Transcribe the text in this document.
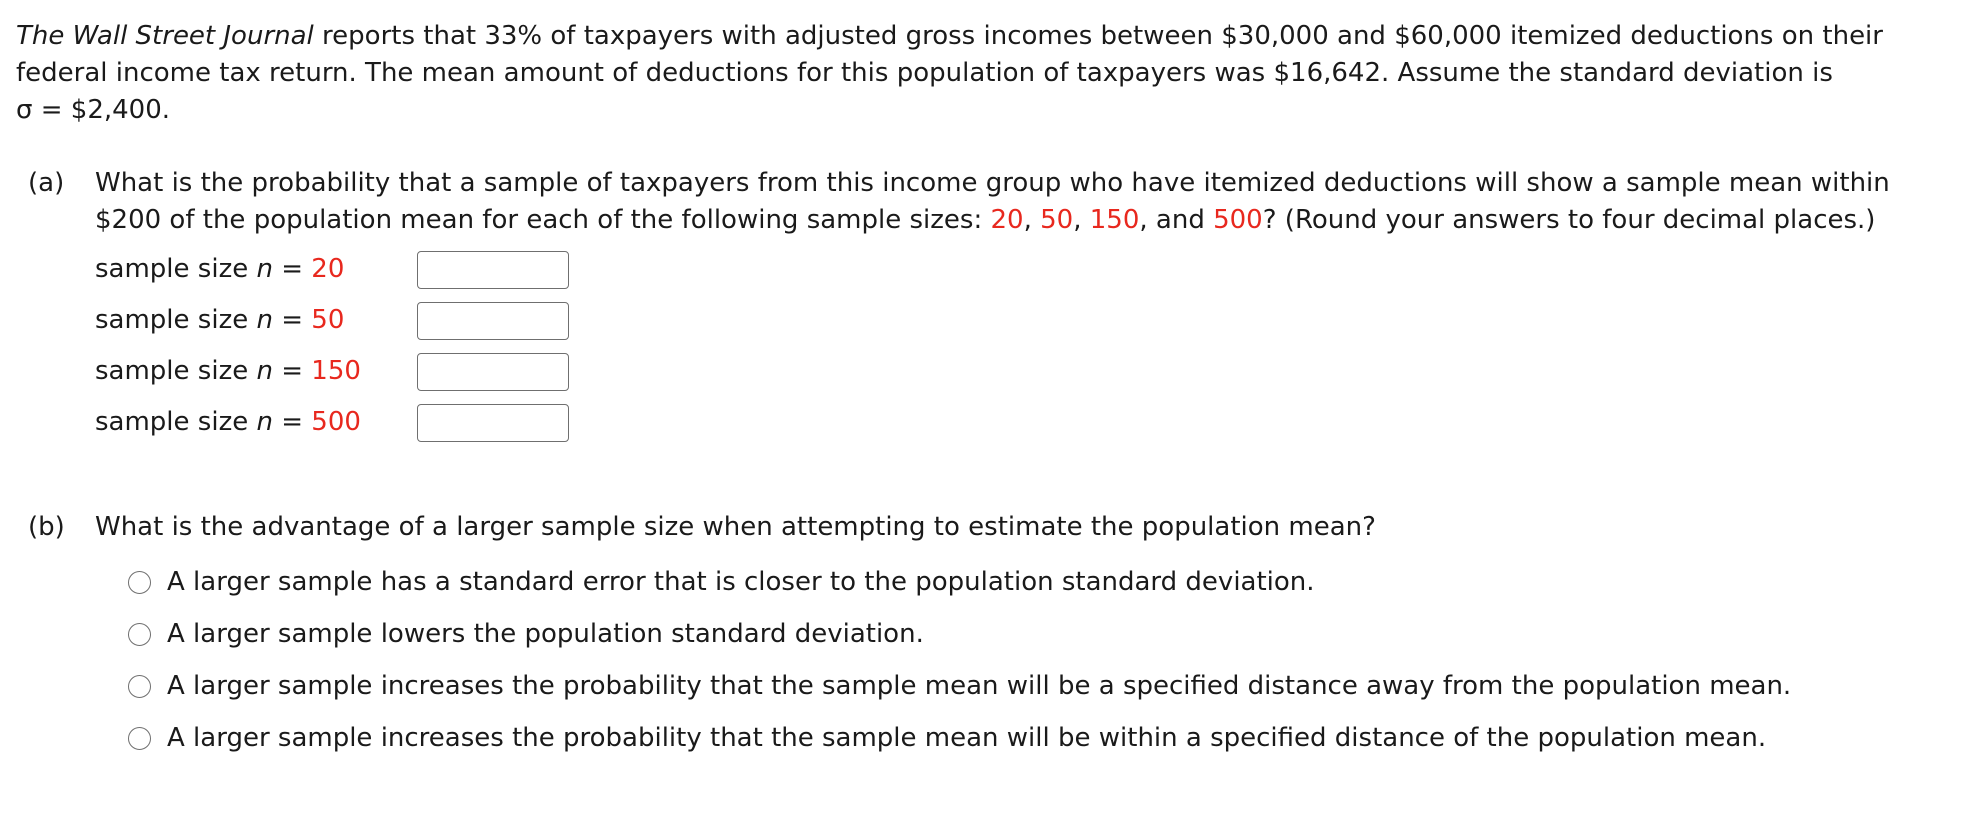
The Wall Street Journal reports that 33% of taxpayers with adjusted gross incomes between $30,000 and $60,000 itemized deductions on their federal income tax return. The mean amount of deductions for this population of taxpayers was $16,642. Assume the standard deviation is
σ = $2,400.
(a) What is the probability that a sample of taxpayers from this income group who have itemized deductions will show a sample mean within $200 of the population mean for each of the following sample sizes: 20, 50, 150, and 500? (Round your answers to four decimal places.)
sample size n = 20
sample size n = 50
sample size n = 150
sample size n = 500
(b) What is the advantage of a larger sample size when attempting to estimate the population mean?
A larger sample has a standard error that is closer to the population standard deviation.
A larger sample lowers the population standard deviation.
A larger sample increases the probability that the sample mean will be a specified distance away from the population mean.
A larger sample increases the probability that the sample mean will be within a specified distance of the population mean.
